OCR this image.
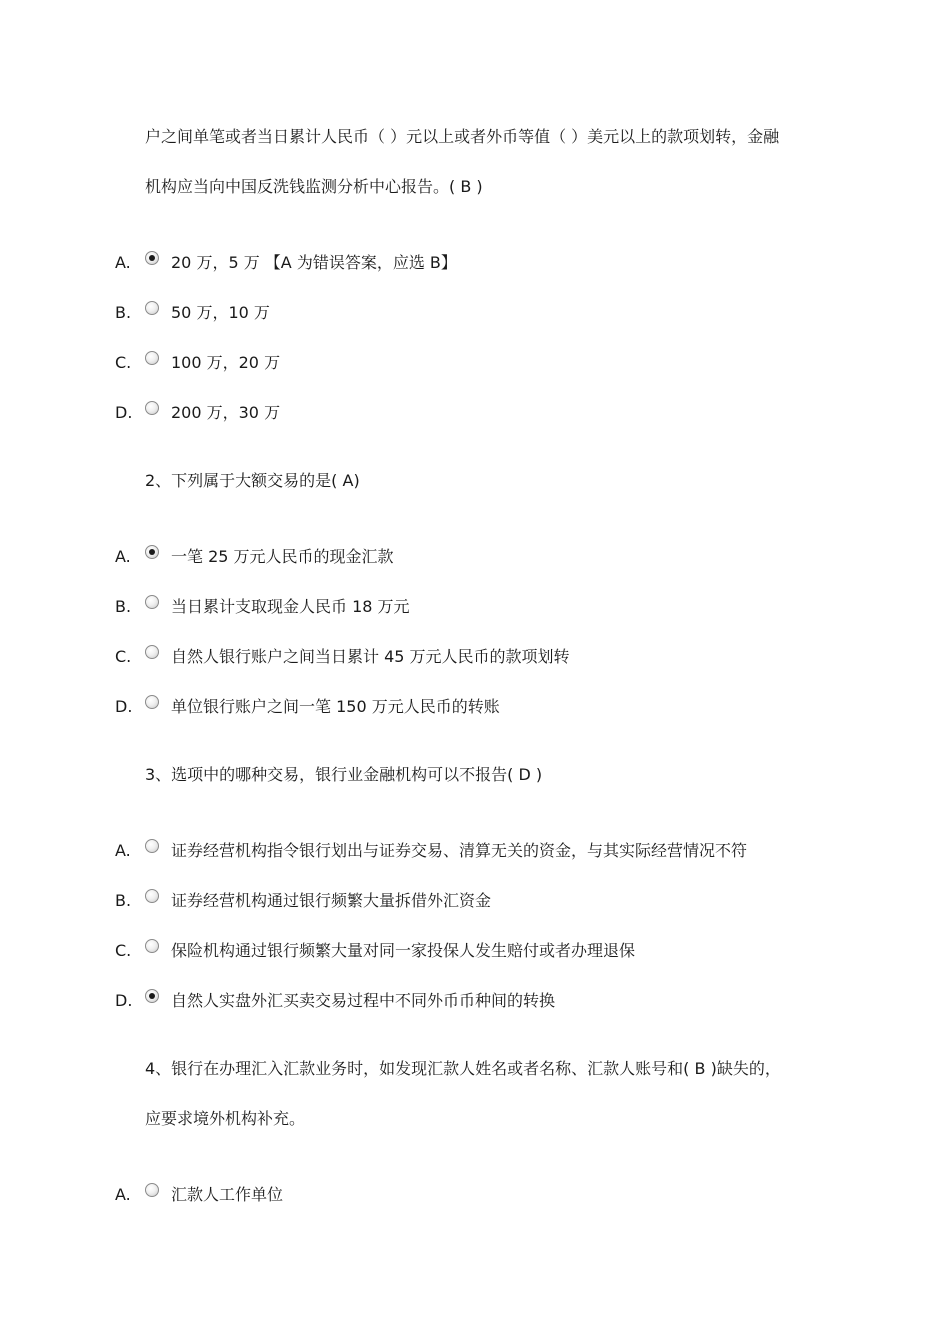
户之间单笔或者当日累计人民币（ ）元以上或者外币等值（ ）美元以上的款项划转，金融
机构应当向中国反洗钱监测分析中心报告。( B )
A.	20 万，5 万 【A 为错误答案，应选 B】
B.	50 万，10 万
C.	100 万，20 万
D.	200 万，30 万
2、下列属于大额交易的是( A)
A.	一笔 25 万元人民币的现金汇款
B.	当日累计支取现金人民币 18 万元
C.	自然人银行账户之间当日累计 45 万元人民币的款项划转
D.	单位银行账户之间一笔 150 万元人民币的转账
3、选项中的哪种交易，银行业金融机构可以不报告( D )
A.	证券经营机构指令银行划出与证券交易、清算无关的资金，与其实际经营情况不符
B.	证券经营机构通过银行频繁大量拆借外汇资金
C.	保险机构通过银行频繁大量对同一家投保人发生赔付或者办理退保
D.	自然人实盘外汇买卖交易过程中不同外币币种间的转换
4、银行在办理汇入汇款业务时，如发现汇款人姓名或者名称、汇款人账号和( B )缺失的，
应要求境外机构补充。
A.	汇款人工作单位
